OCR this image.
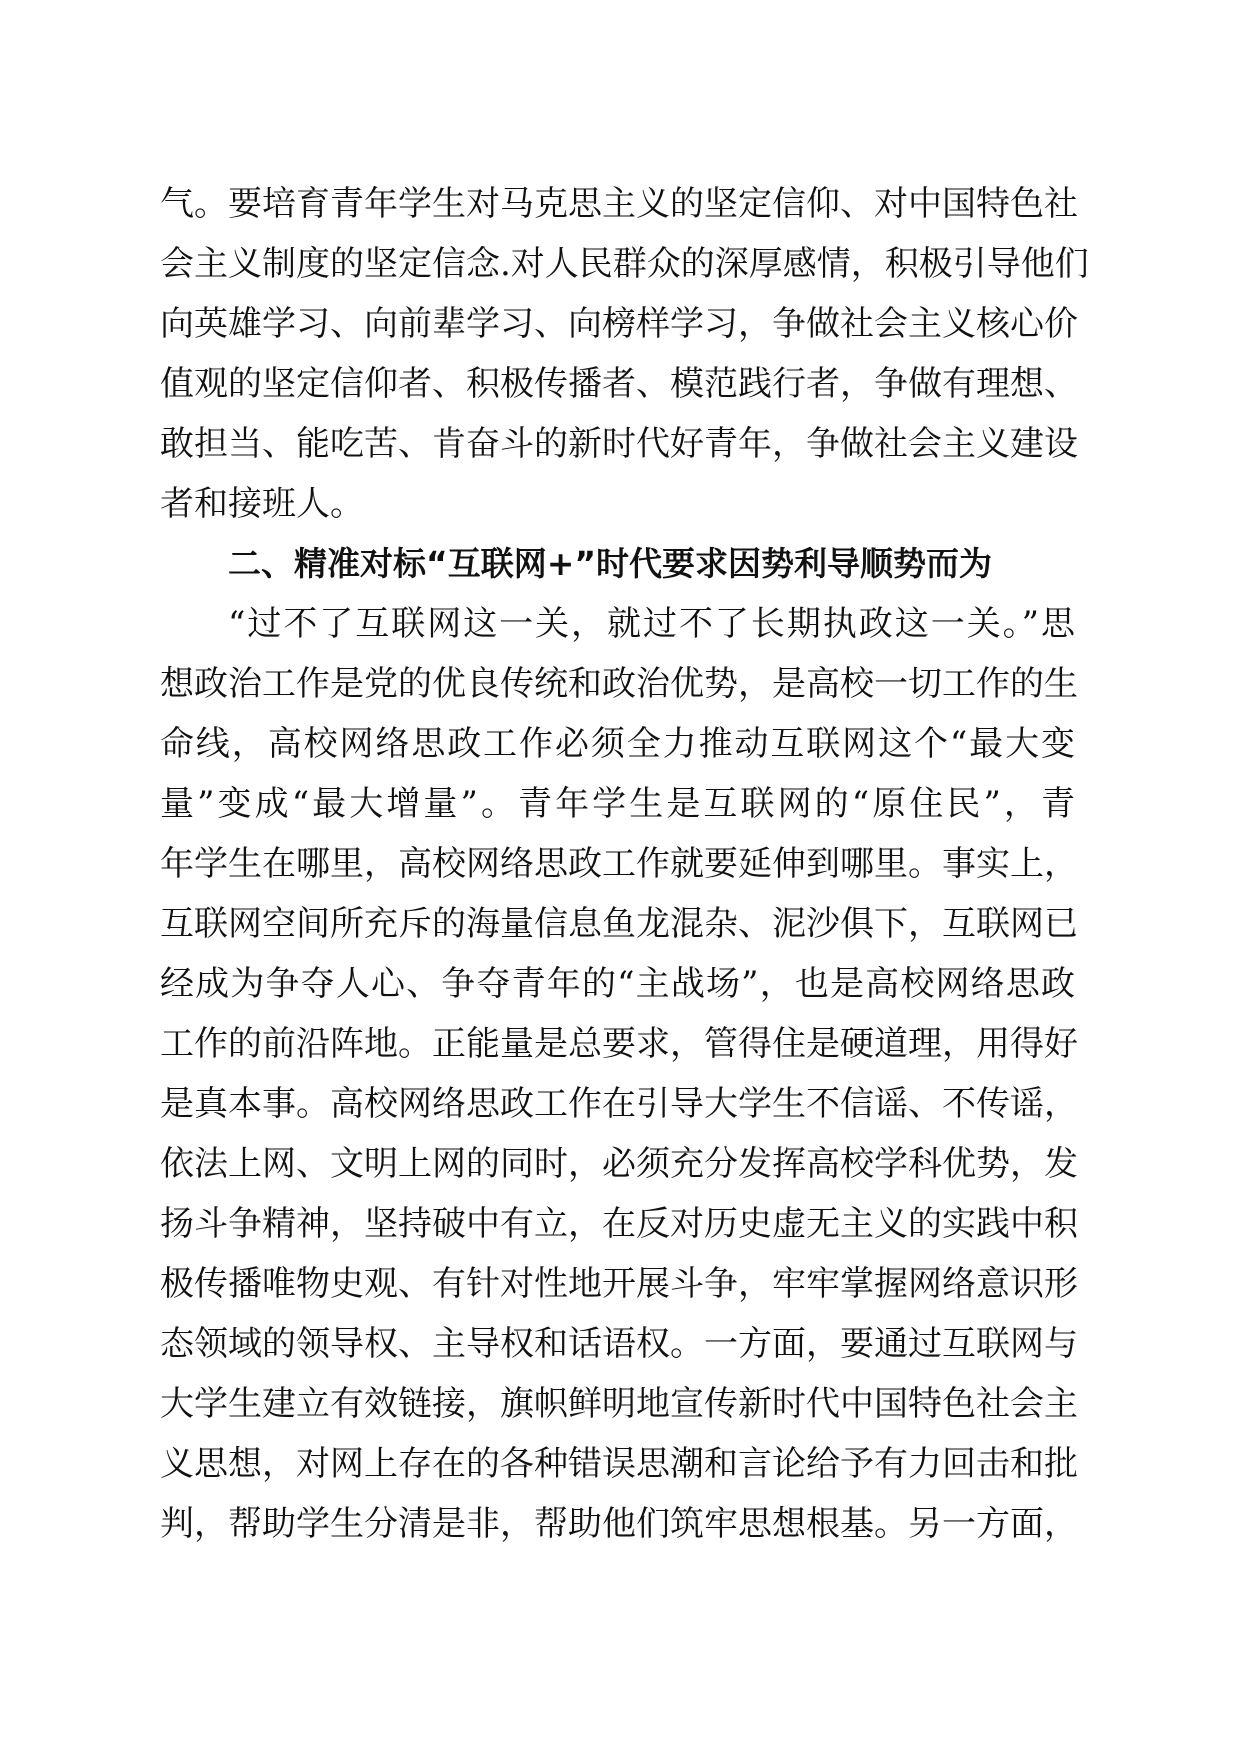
气。要培育青年学生对马克思主义的坚定信仰、对中国特色社
会主义制度的坚定信念.对人民群众的深厚感情，积极引导他们
向英雄学习、向前辈学习、向榜样学习，争做社会主义核心价
值观的坚定信仰者、积极传播者、模范践行者，争做有理想、
敢担当、能吃苦、肯奋斗的新时代好青年，争做社会主义建设
者和接班人。
二、精准对标“互联网+”时代要求因势利导顺势而为
“过不了互联网这一关，就过不了长期执政这一关。”思
想政治工作是党的优良传统和政治优势，是高校一切工作的生
命线，高校网络思政工作必须全力推动互联网这个“最大变
量”变成“最大增量”。青年学生是互联网的“原住民”，青
年学生在哪里，高校网络思政工作就要延伸到哪里。事实上，
互联网空间所充斥的海量信息鱼龙混杂、泥沙俱下，互联网已
经成为争夺人心、争夺青年的“主战场”，也是高校网络思政
工作的前沿阵地。正能量是总要求，管得住是硬道理，用得好
是真本事。高校网络思政工作在引导大学生不信谣、不传谣，
依法上网、文明上网的同时，必须充分发挥高校学科优势，发
扬斗争精神，坚持破中有立，在反对历史虚无主义的实践中积
极传播唯物史观、有针对性地开展斗争，牢牢掌握网络意识形
态领域的领导权、主导权和话语权。一方面，要通过互联网与
大学生建立有效链接，旗帜鲜明地宣传新时代中国特色社会主
义思想，对网上存在的各种错误思潮和言论给予有力回击和批
判，帮助学生分清是非，帮助他们筑牢思想根基。另一方面，
